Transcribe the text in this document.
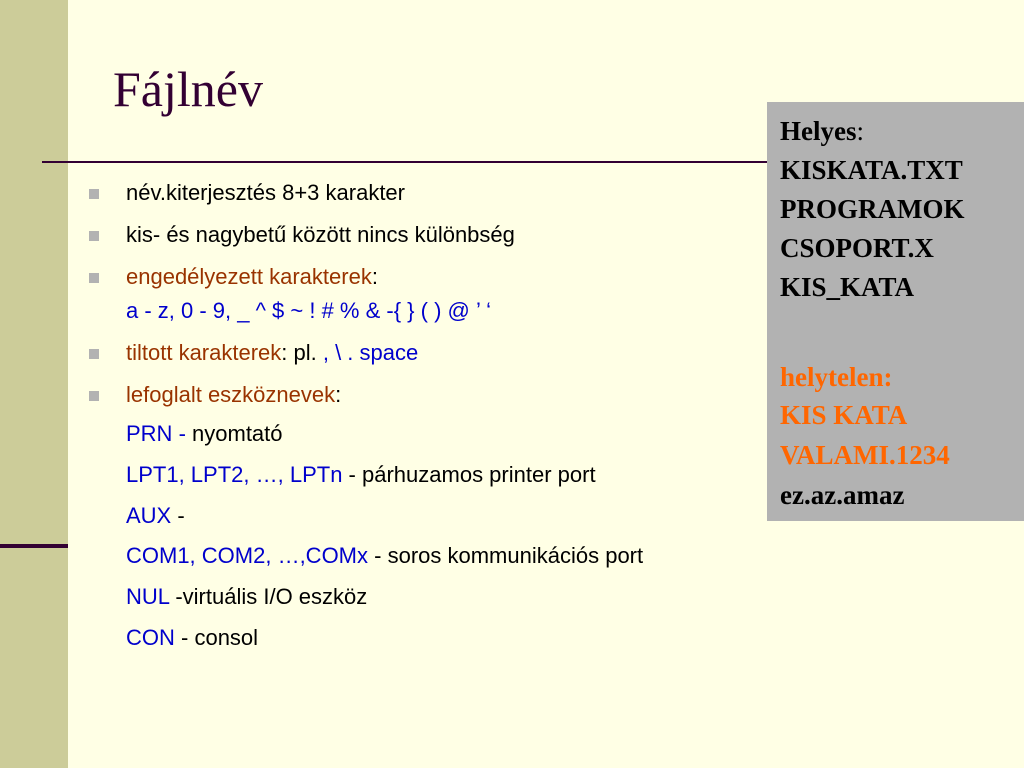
Fájlnév
név.kiterjesztés 8+3 karakter
kis- és nagybetű között nincs különbség
engedélyezett karakterek:
a - z, 0 - 9, _ ^ $ ~ ! # % & -{ } ( ) @ ’ ‘
tiltott karakterek: pl. , \ . space
lefoglalt eszköznevek:
PRN - nyomtató
LPT1, LPT2, …, LPTn - párhuzamos printer port
AUX -
COM1, COM2, …,COMx - soros kommunikációs port
NUL -virtuális I/O eszköz
CON - consol
Helyes:
KISKATA.TXT
PROGRAMOK
CSOPORT.X
KIS_KATA
helytelen:
KIS KATA
VALAMI.1234
ez.az.amaz
